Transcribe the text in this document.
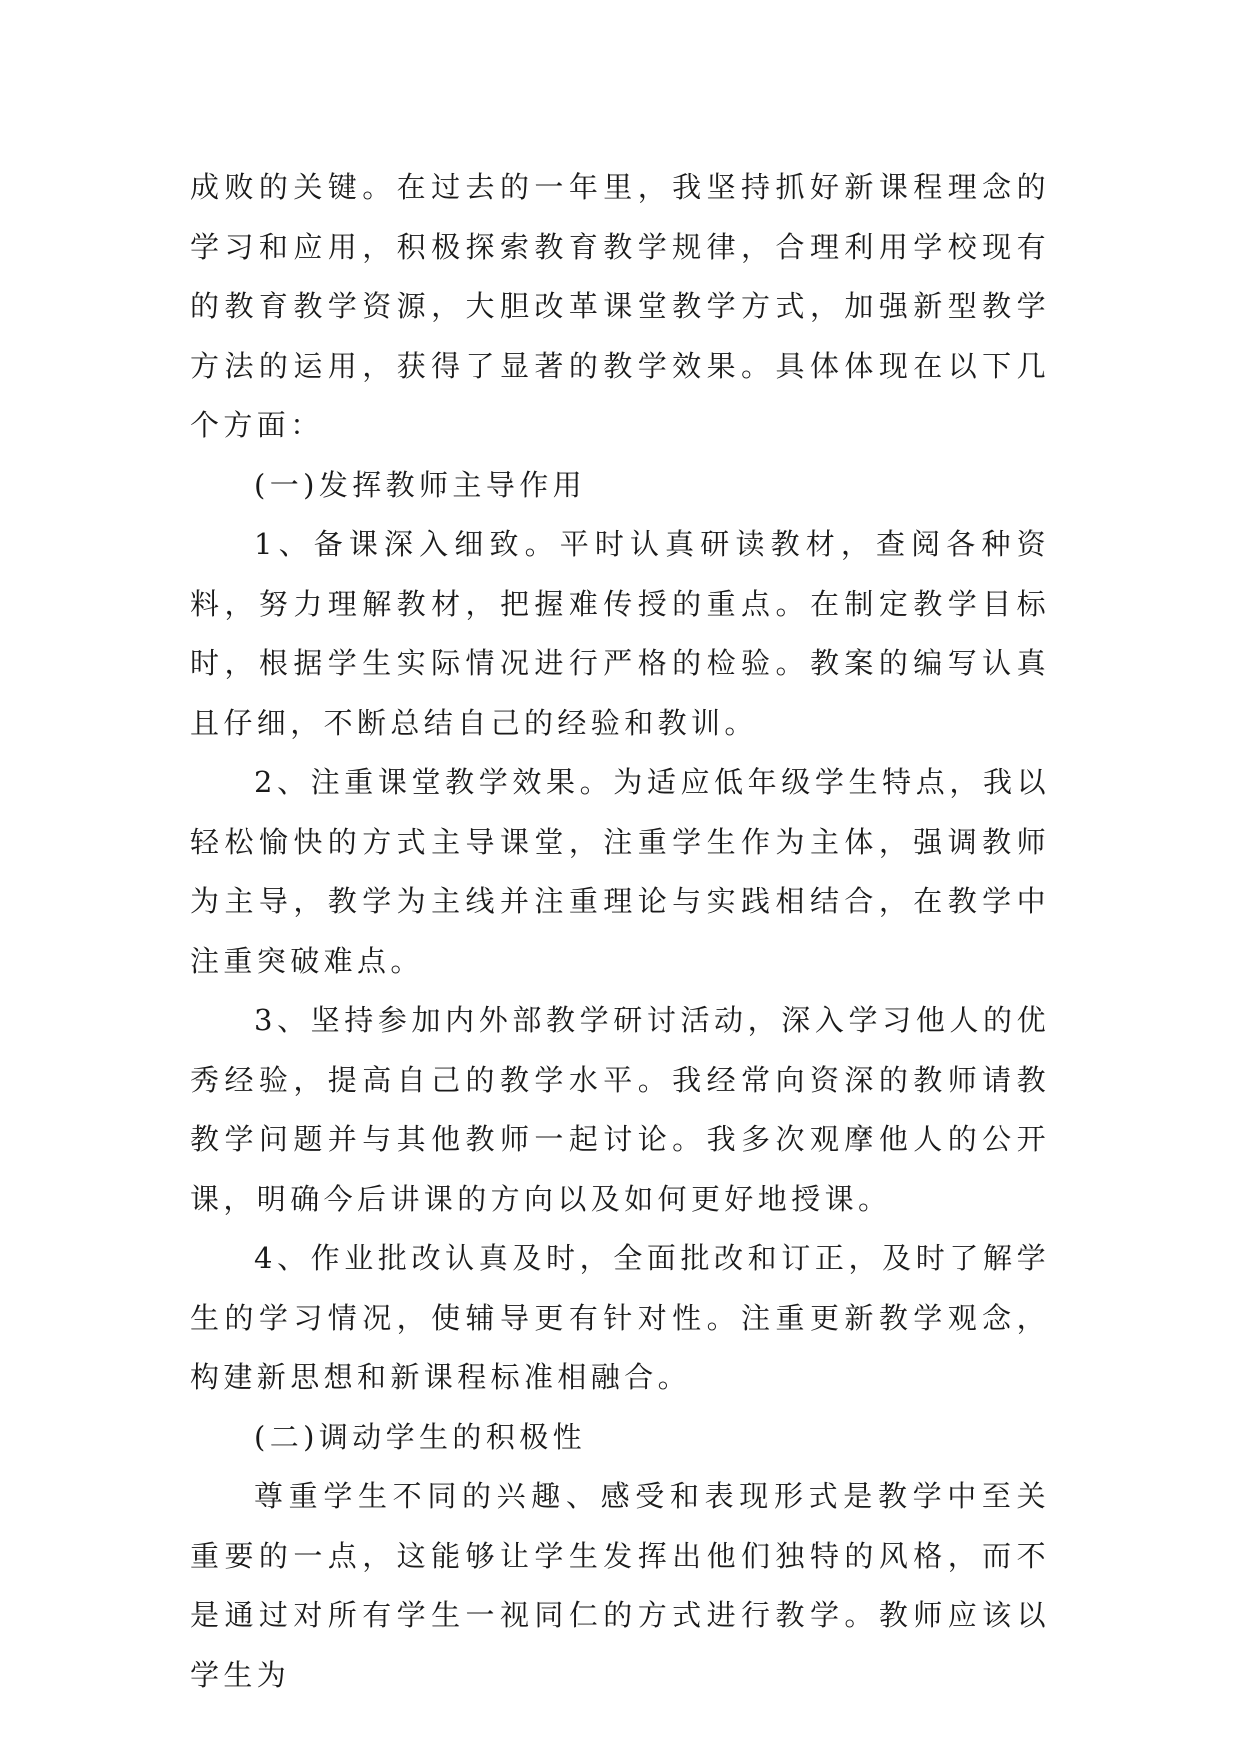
成败的关键。在过去的一年里，我坚持抓好新课程理念的学习和应用，积极探索教育教学规律，合理利用学校现有的教育教学资源，大胆改革课堂教学方式，加强新型教学方法的运用，获得了显著的教学效果。具体体现在以下几个方面：

(一)发挥教师主导作用

1、备课深入细致。平时认真研读教材，查阅各种资料，努力理解教材，把握难传授的重点。在制定教学目标时，根据学生实际情况进行严格的检验。教案的编写认真且仔细，不断总结自己的经验和教训。

2、注重课堂教学效果。为适应低年级学生特点，我以轻松愉快的方式主导课堂，注重学生作为主体，强调教师为主导，教学为主线并注重理论与实践相结合，在教学中注重突破难点。

3、坚持参加内外部教学研讨活动，深入学习他人的优秀经验，提高自己的教学水平。我经常向资深的教师请教教学问题并与其他教师一起讨论。我多次观摩他人的公开课，明确今后讲课的方向以及如何更好地授课。

4、作业批改认真及时，全面批改和订正，及时了解学生的学习情况，使辅导更有针对性。注重更新教学观念，构建新思想和新课程标准相融合。

(二)调动学生的积极性

尊重学生不同的兴趣、感受和表现形式是教学中至关重要的一点，这能够让学生发挥出他们独特的风格，而不是通过对所有学生一视同仁的方式进行教学。教师应该以学生为
